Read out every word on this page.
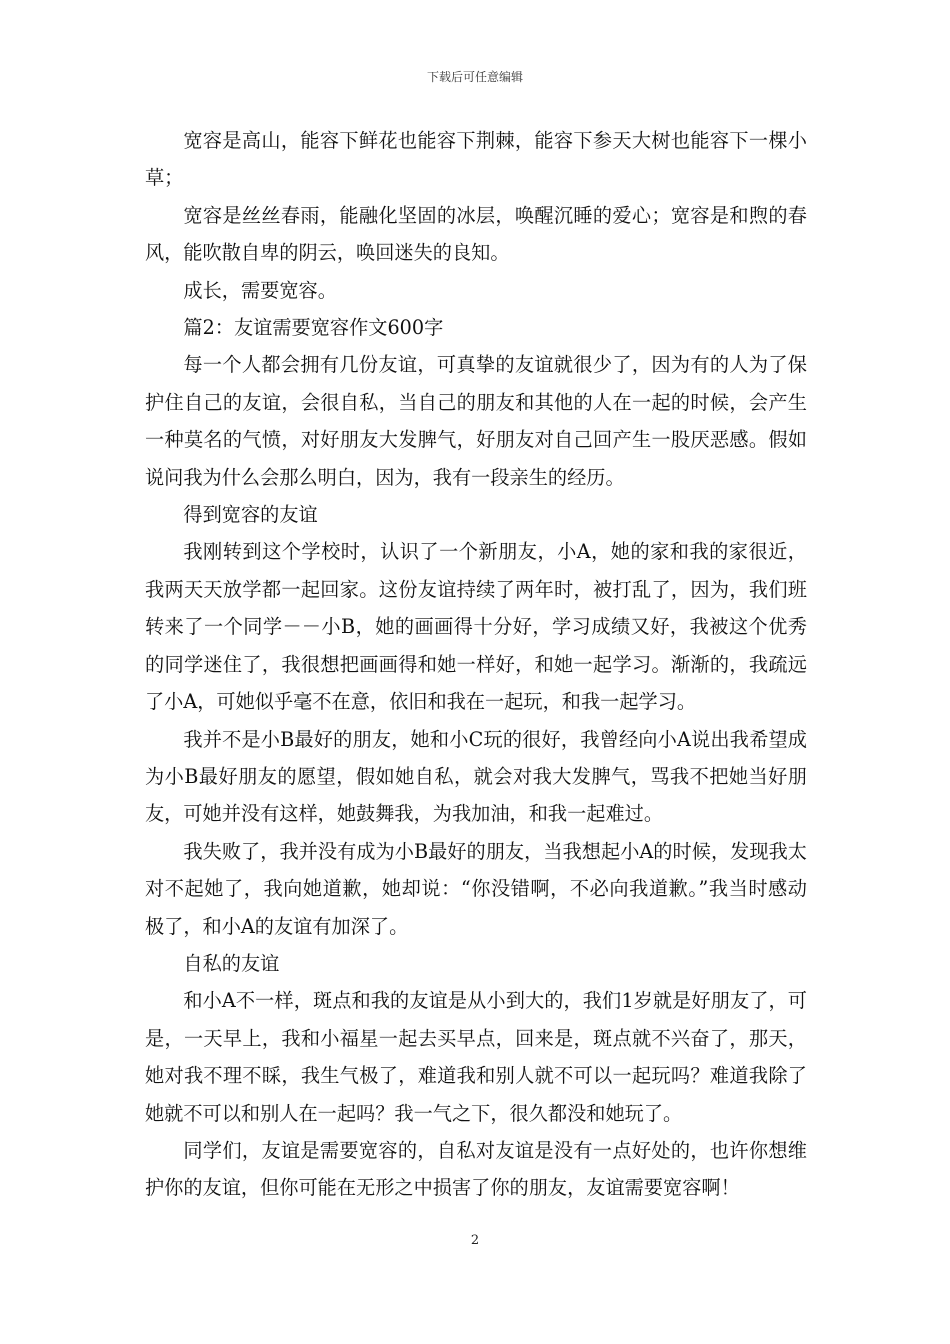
下载后可任意编辑

宽容是高山，能容下鲜花也能容下荆棘，能容下参天大树也能容下一棵小草；

宽容是丝丝春雨，能融化坚固的冰层，唤醒沉睡的爱心；宽容是和煦的春风，能吹散自卑的阴云，唤回迷失的良知。

成长，需要宽容。

篇2：友谊需要宽容作文600字

每一个人都会拥有几份友谊，可真挚的友谊就很少了，因为有的人为了保护住自己的友谊，会很自私，当自己的朋友和其他的人在一起的时候，会产生一种莫名的气愤，对好朋友大发脾气，好朋友对自己回产生一股厌恶感。假如说问我为什么会那么明白，因为，我有一段亲生的经历。

得到宽容的友谊

我刚转到这个学校时，认识了一个新朋友，小A，她的家和我的家很近，我两天天放学都一起回家。这份友谊持续了两年时，被打乱了，因为，我们班转来了一个同学－－小B，她的画画得十分好，学习成绩又好，我被这个优秀的同学迷住了，我很想把画画得和她一样好，和她一起学习。渐渐的，我疏远了小A，可她似乎毫不在意，依旧和我在一起玩，和我一起学习。

我并不是小B最好的朋友，她和小C玩的很好，我曾经向小A说出我希望成为小B最好朋友的愿望，假如她自私，就会对我大发脾气，骂我不把她当好朋友，可她并没有这样，她鼓舞我，为我加油，和我一起难过。

我失败了，我并没有成为小B最好的朋友，当我想起小A的时候，发现我太对不起她了，我向她道歉，她却说：“你没错啊，不必向我道歉。”我当时感动极了，和小A的友谊有加深了。

自私的友谊

和小A不一样，斑点和我的友谊是从小到大的，我们1岁就是好朋友了，可是，一天早上，我和小福星一起去买早点，回来是，斑点就不兴奋了，那天，她对我不理不睬，我生气极了，难道我和别人就不可以一起玩吗？难道我除了她就不可以和别人在一起吗？我一气之下，很久都没和她玩了。

同学们，友谊是需要宽容的，自私对友谊是没有一点好处的，也许你想维护你的友谊，但你可能在无形之中损害了你的朋友，友谊需要宽容啊！

2
